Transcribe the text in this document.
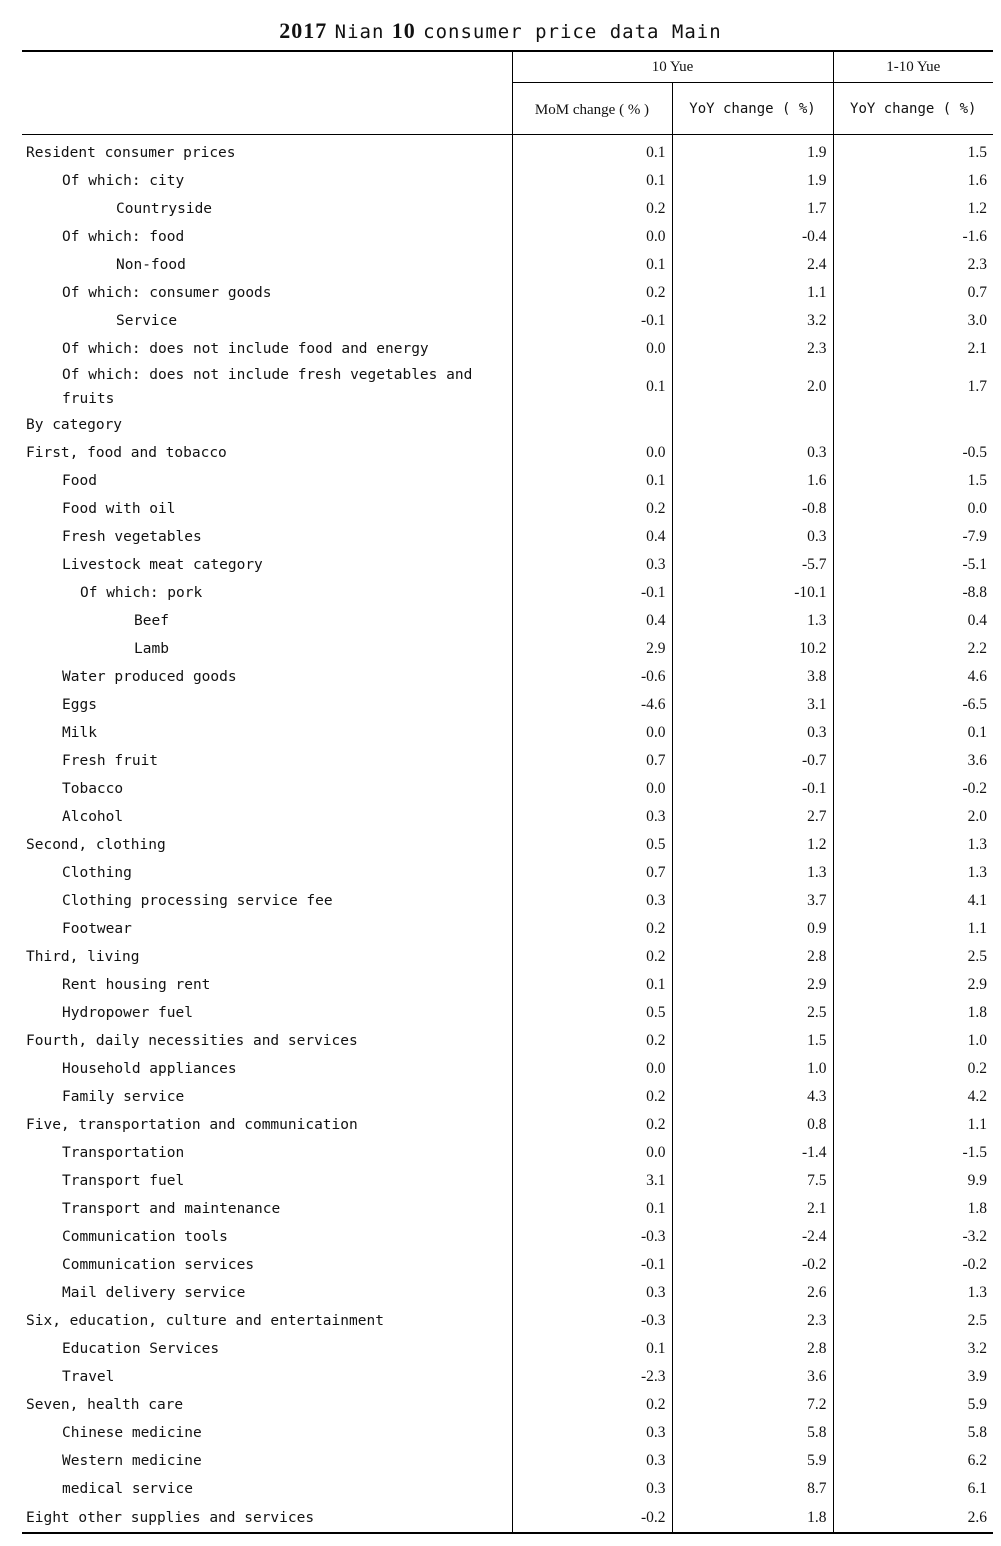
2017 Nian 10 consumer price data Main
	10 Yue		1-10 Yue
	MoM change ( % )	YoY change ( %)	YoY change ( %)
Resident consumer prices	0.1	1.9	1.5
Of which: city	0.1	1.9	1.6
Countryside	0.2	1.7	1.2
Of which: food	0.0	-0.4	-1.6
Non-food	0.1	2.4	2.3
Of which: consumer goods	0.2	1.1	0.7
Service	-0.1	3.2	3.0
Of which: does not include food and energy	0.0	2.3	2.1
Of which: does not include fresh vegetables and fruits	0.1	2.0	1.7
By category			
First, food and tobacco	0.0	0.3	-0.5
Food	0.1	1.6	1.5
Food with oil	0.2	-0.8	0.0
Fresh vegetables	0.4	0.3	-7.9
Livestock meat category	0.3	-5.7	-5.1
Of which: pork	-0.1	-10.1	-8.8
Beef	0.4	1.3	0.4
Lamb	2.9	10.2	2.2
Water produced goods	-0.6	3.8	4.6
Eggs	-4.6	3.1	-6.5
Milk	0.0	0.3	0.1
Fresh fruit	0.7	-0.7	3.6
Tobacco	0.0	-0.1	-0.2
Alcohol	0.3	2.7	2.0
Second, clothing	0.5	1.2	1.3
Clothing	0.7	1.3	1.3
Clothing processing service fee	0.3	3.7	4.1
Footwear	0.2	0.9	1.1
Third, living	0.2	2.8	2.5
Rent housing rent	0.1	2.9	2.9
Hydropower fuel	0.5	2.5	1.8
Fourth, daily necessities and services	0.2	1.5	1.0
Household appliances	0.0	1.0	0.2
Family service	0.2	4.3	4.2
Five, transportation and communication	0.2	0.8	1.1
Transportation	0.0	-1.4	-1.5
Transport fuel	3.1	7.5	9.9
Transport and maintenance	0.1	2.1	1.8
Communication tools	-0.3	-2.4	-3.2
Communication services	-0.1	-0.2	-0.2
Mail delivery service	0.3	2.6	1.3
Six, education, culture and entertainment	-0.3	2.3	2.5
Education Services	0.1	2.8	3.2
Travel	-2.3	3.6	3.9
Seven, health care	0.2	7.2	5.9
Chinese medicine	0.3	5.8	5.8
Western medicine	0.3	5.9	6.2
medical service	0.3	8.7	6.1
Eight other supplies and services	-0.2	1.8	2.6
